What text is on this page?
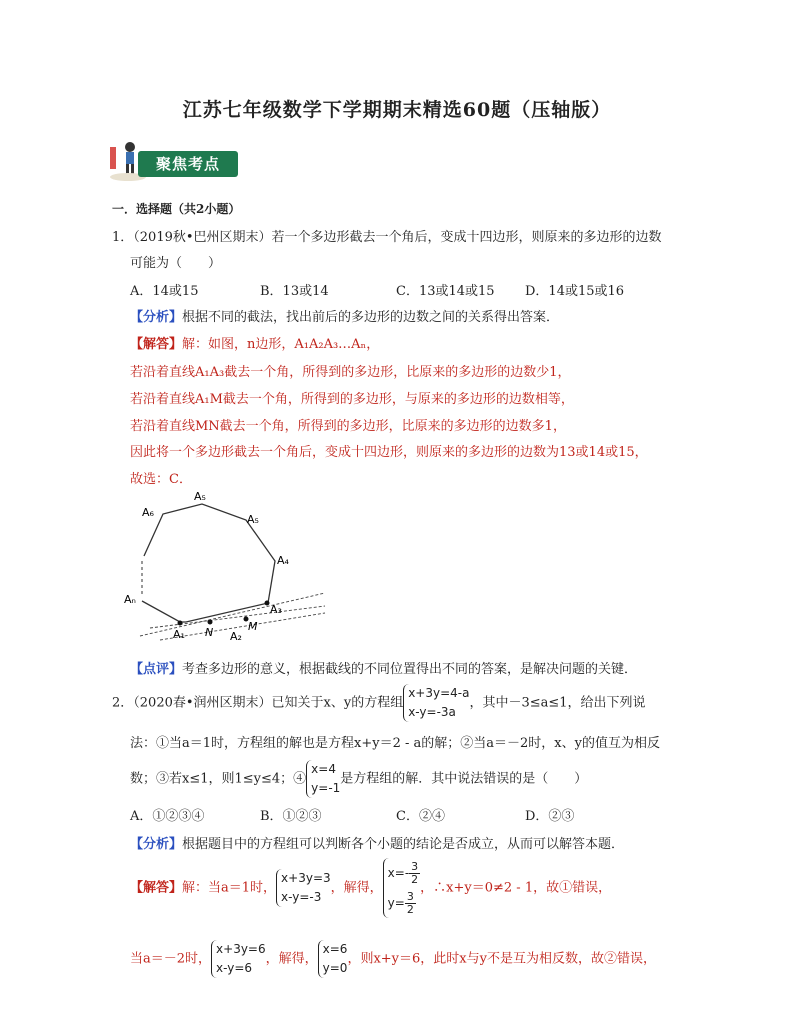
江苏七年级数学下学期期末精选60题（压轴版）
聚焦考点
一．选择题（共2小题）
1．（2019秋•巴州区期末）若一个多边形截去一个角后，变成十四边形，则原来的多边形的边数
可能为（　　）
A．14或15	B．13或14	C．13或14或15 D．14或15或16
【分析】根据不同的截法，找出前后的多边形的边数之间的关系得出答案．
【解答】解：如图，n边形，A₁A₂A₃…Aₙ，
若沿着直线A₁A₃截去一个角，所得到的多边形，比原来的多边形的边数少1，
若沿着直线A₁M截去一个角，所得到的多边形，与原来的多边形的边数相等，
若沿着直线MN截去一个角，所得到的多边形，比原来的多边形的边数多1，
因此将一个多边形截去一个角后，变成十四边形，则原来的多边形的边数为13或14或15，
故选：C．
A₆
A₅
A₅
A₄
Aₙ
A₃
A₁ N A₂
M
【点评】考查多边形的意义，根据截线的不同位置得出不同的答案，是解决问题的关键．
2．（2020春•润州区期末）已知关于x、y的方程组x+3y=4-a
x-y=-3a，其中－3≤a≤1，给出下列说
法：①当a＝1时，方程组的解也是方程x+y＝2 - a的解；②当a＝－2时，x、y的值互为相反
数；③若x≤1，则1≤y≤4；④x=4
y=-1是方程组的解．其中说法错误的是（　　）
A．①②③④	B．①②③	C．②④	D．②③
【分析】根据题目中的方程组可以判断各个小题的结论是否成立，从而可以解答本题．
【解答】解：当a＝1时，x+3y=3
x-y=-3，解得，$x=- \frac{3}{2}$
$y= \frac{3}{2}$，∴x+y＝0≠2 - 1，故①错误，
当a＝－2时，x+3y=6
x-y=6，解得，x=6
y=0，则x+y＝6，此时x与y不是互为相反数，故②错误，
